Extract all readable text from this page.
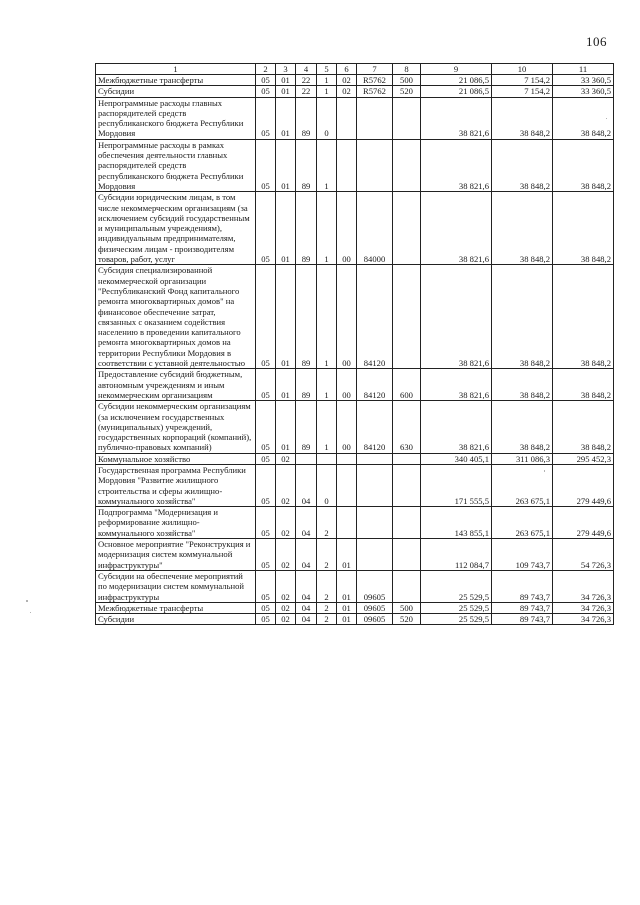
106
1	2	3	4	5	6	7	8	9	10	11
Межбюджетные трансферты	05	01	22	1	02	R5762	500	21 086,5	7 154,2	33 360,5
Субсидии	05	01	22	1	02	R5762	520	21 086,5	7 154,2	33 360,5
Непрограммные расходы главных распорядителей средств республиканского бюджета Республики Мордовия	05	01	89	0				38 821,6	38 848,2	38 848,2
Непрограммные расходы в рамках обеспечения деятельности главных распорядителей средств республиканского бюджета Республики Мордовия	05	01	89	1				38 821,6	38 848,2	38 848,2
Субсидии юридическим лицам, в том числе некоммерческим организациям (за исключением субсидий государственным и муниципальным учреждениям), индивидуальным предпринимателям, физическим лицам - производителям товаров, работ, услуг	05	01	89	1	00	84000		38 821,6	38 848,2	38 848,2
Субсидия специализированной некоммерческой организации "Республиканский Фонд капитального ремонта многоквартирных домов" на финансовое обеспечение затрат, связанных с оказанием содействия населению в проведении капитального ремонта многоквартирных домов на территории Республики Мордовия в соответствии с уставной деятельностью	05	01	89	1	00	84120		38 821,6	38 848,2	38 848,2
Предоставление субсидий бюджетным, автономным учреждениям и иным некоммерческим организациям	05	01	89	1	00	84120	600	38 821,6	38 848,2	38 848,2
Субсидии некоммерческим организациям (за исключением государственных (муниципальных) учреждений, государственных корпораций (компаний), публично-правовых компаний)	05	01	89	1	00	84120	630	38 821,6	38 848,2	38 848,2
Коммунальное хозяйство	05	02						340 405,1	311 086,3	295 452,3
Государственная программа Республики Мордовия "Развитие жилищного строительства и сферы жилищно-коммунального хозяйства"	05	02	04	0				171 555,5	263 675,1	279 449,6
Подпрограмма "Модернизация и реформирование жилищно-коммунального хозяйства"	05	02	04	2				143 855,1	263 675,1	279 449,6
Основное мероприятие "Реконструкция и модернизация систем коммунальной инфраструктуры"	05	02	04	2	01			112 084,7	109 743,7	54 726,3
Субсидии на обеспечение мероприятий по модернизации систем коммунальной инфраструктуры	05	02	04	2	01	09605		25 529,5	89 743,7	34 726,3
Межбюджетные трансферты	05	02	04	2	01	09605	500	25 529,5	89 743,7	34 726,3
Субсидии	05	02	04	2	01	09605	520	25 529,5	89 743,7	34 726,3
